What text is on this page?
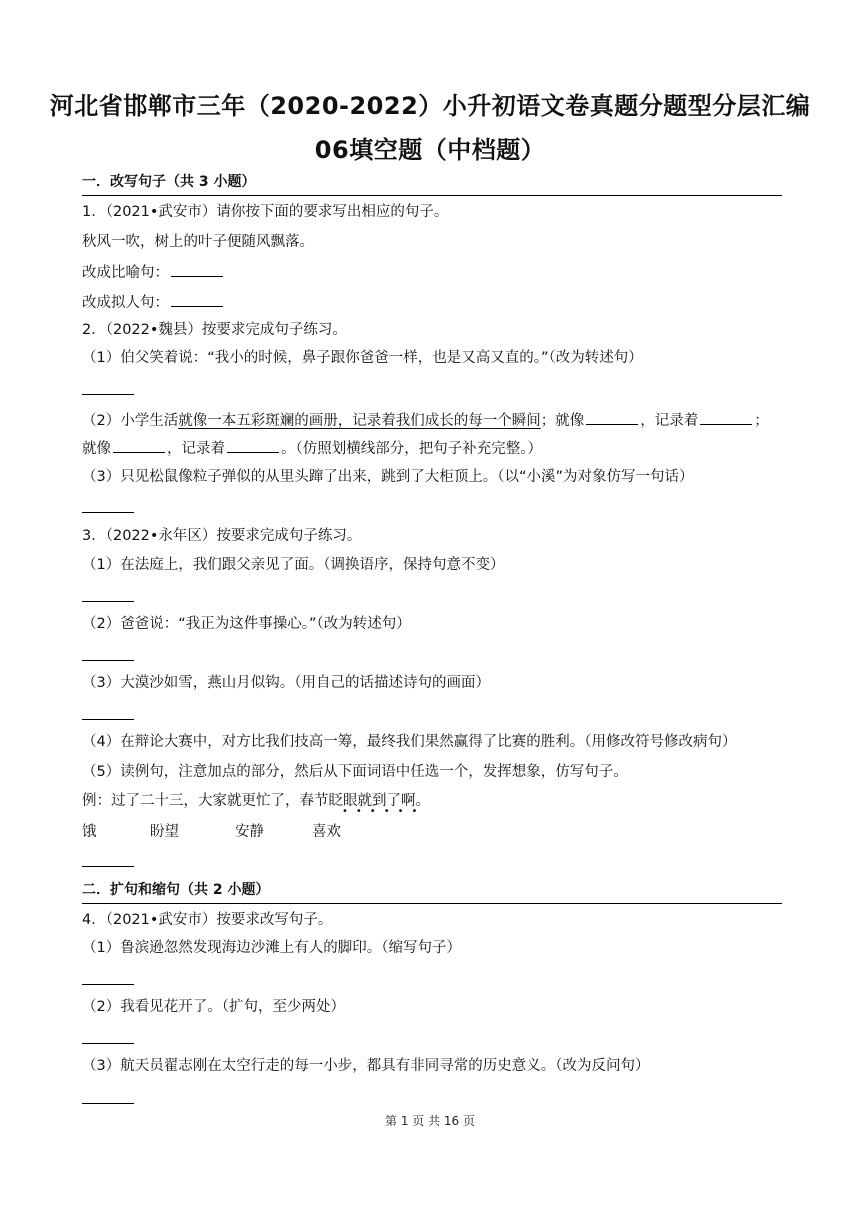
河北省邯郸市三年（2020-2022）小升初语文卷真题分题型分层汇编
06填空题（中档题）
一．改写句子（共 3 小题）
1．（2021•武安市）请你按下面的要求写出相应的句子。
秋风一吹，树上的叶子便随风飘落。
改成比喻句：
改成拟人句：
2．（2022•魏县）按要求完成句子练习。
（1）伯父笑着说：“我小的时候，鼻子跟你爸爸一样，也是又高又直的。”（改为转述句）
（2）小学生活就像一本五彩斑斓的画册，记录着我们成长的每一个瞬间；就像	，记录着	；
就像	，记录着	。（仿照划横线部分，把句子补充完整。）
（3）只见松鼠像粒子弹似的从里头蹿了出来，跳到了大柜顶上。（以“小溪”为对象仿写一句话）
3．（2022•永年区）按要求完成句子练习。
（1）在法庭上，我们跟父亲见了面。（调换语序，保持句意不变）
（2）爸爸说：“我正为这件事操心。”（改为转述句）
（3）大漠沙如雪，燕山月似钩。（用自己的话描述诗句的画面）
（4）在辩论大赛中，对方比我们技高一筹，最终我们果然赢得了比赛的胜利。（用修改符号修改病句）
（5）读例句，注意加点的部分，然后从下面词语中任选一个，发挥想象，仿写句子。
例：过了二十三，大家就更忙了，春节眨眼就到了啊。
••••••
饿	盼望	安静	喜欢
二．扩句和缩句（共 2 小题）
4．（2021•武安市）按要求改写句子。
（1）鲁滨逊忽然发现海边沙滩上有人的脚印。（缩写句子）
（2）我看见花开了。（扩句，至少两处）
（3）航天员翟志刚在太空行走的每一小步，都具有非同寻常的历史意义。（改为反问句）
第 1 页 共 16 页
